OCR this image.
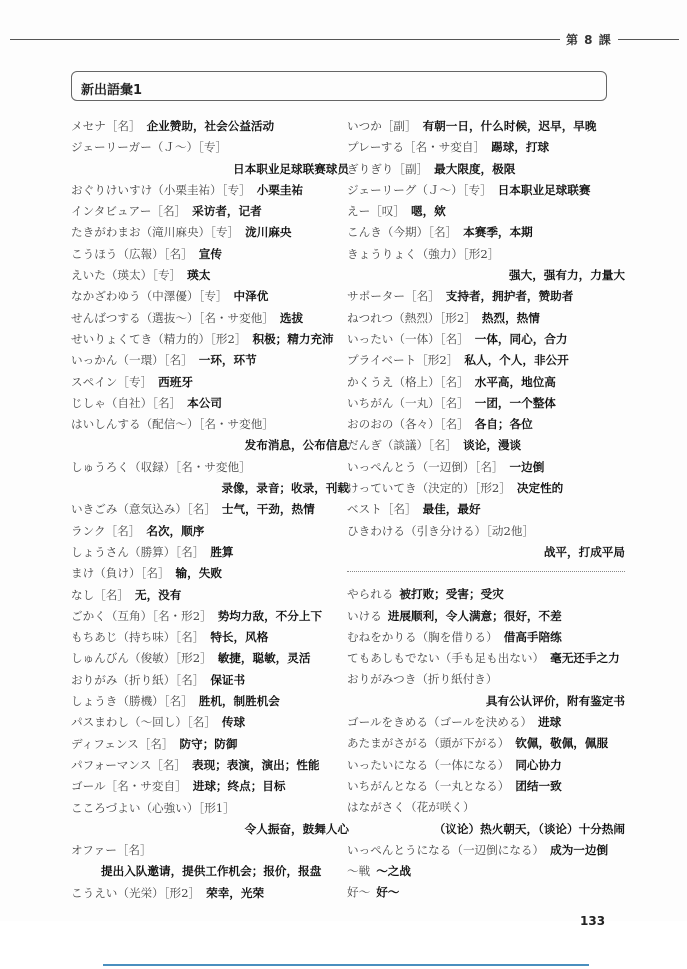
第 8 課
新出語彙1
メセナ［名］ 企业赞助，社会公益活动
ジェーリーガー（Ｊ～）［专］
日本职业足球联赛球员
おぐりけいすけ（小栗圭祐）［专］ 小栗圭祐
インタビュアー［名］ 采访者，记者
たきがわまお（滝川麻央）［专］ 泷川麻央
こうほう（広報）［名］ 宣传
えいた（瑛太）［专］ 瑛太
なかざわゆう（中澤優）［专］ 中泽优
せんばつする（選抜～）［名・サ変他］ 选拔
せいりょくてき（精力的）［形2］ 积极；精力充沛
いっかん（一環）［名］ 一环，环节
スペイン［专］ 西班牙
じしゃ（自社）［名］ 本公司
はいしんする（配信～）［名・サ変他］
发布消息，公布信息
しゅうろく（収録）［名・サ変他］
录像，录音；收录，刊载
いきごみ（意気込み）［名］ 士气，干劲，热情
ランク［名］ 名次，顺序
しょうさん（勝算）［名］ 胜算
まけ（負け）［名］ 输，失败
なし［名］ 无，没有
ごかく（互角）［名・形2］ 势均力敌，不分上下
もちあじ（持ち味）［名］ 特长，风格
しゅんびん（俊敏）［形2］ 敏捷，聪敏，灵活
おりがみ（折り紙）［名］ 保证书
しょうき（勝機）［名］ 胜机，制胜机会
パスまわし（～回し）［名］ 传球
ディフェンス［名］ 防守；防御
パフォーマンス［名］ 表现；表演，演出；性能
ゴール［名・サ変自］ 进球；终点；目标
こころづよい（心強い）［形1］
令人振奋，鼓舞人心
オファー［名］
提出入队邀请，提供工作机会；报价，报盘
こうえい（光栄）［形2］ 荣幸，光荣
いつか［副］ 有朝一日，什么时候，迟早，早晚
プレーする［名・サ変自］ 踢球，打球
ぎりぎり［副］ 最大限度，极限
ジェーリーグ（Ｊ～）［专］ 日本职业足球联赛
えー［叹］ 嗯，欸
こんき（今期）［名］ 本赛季，本期
きょうりょく（強力）［形2］
强大，强有力，力量大
サポーター［名］ 支持者，拥护者，赞助者
ねつれつ（熱烈）［形2］ 热烈，热情
いったい（一体）［名］ 一体，同心，合力
プライベート［形2］ 私人，个人，非公开
かくうえ（格上）［名］ 水平高，地位高
いちがん（一丸）［名］ 一团，一个整体
おのおの（各々）［名］ 各自；各位
だんぎ（談議）［名］ 谈论，漫谈
いっぺんとう（一辺倒）［名］ 一边倒
けっていてき（決定的）［形2］ 决定性的
ベスト［名］ 最佳，最好
ひきわける（引き分ける）［动2他］
战平，打成平局
やられる 被打败；受害；受灾
いける 进展顺利，令人满意；很好，不差
むねをかりる（胸を借りる） 借高手陪练
てもあしもでない（手も足も出ない） 毫无还手之力
おりがみつき（折り紙付き）
具有公认评价，附有鉴定书
ゴールをきめる（ゴールを決める） 进球
あたまがさがる（頭が下がる） 钦佩，敬佩，佩服
いったいになる（一体になる） 同心协力
いちがんとなる（一丸となる） 团结一致
はながさく（花が咲く）
（议论）热火朝天，（谈论）十分热闹
いっぺんとうになる（一辺倒になる） 成为一边倒
～戦 ～之战
好～ 好～
133
